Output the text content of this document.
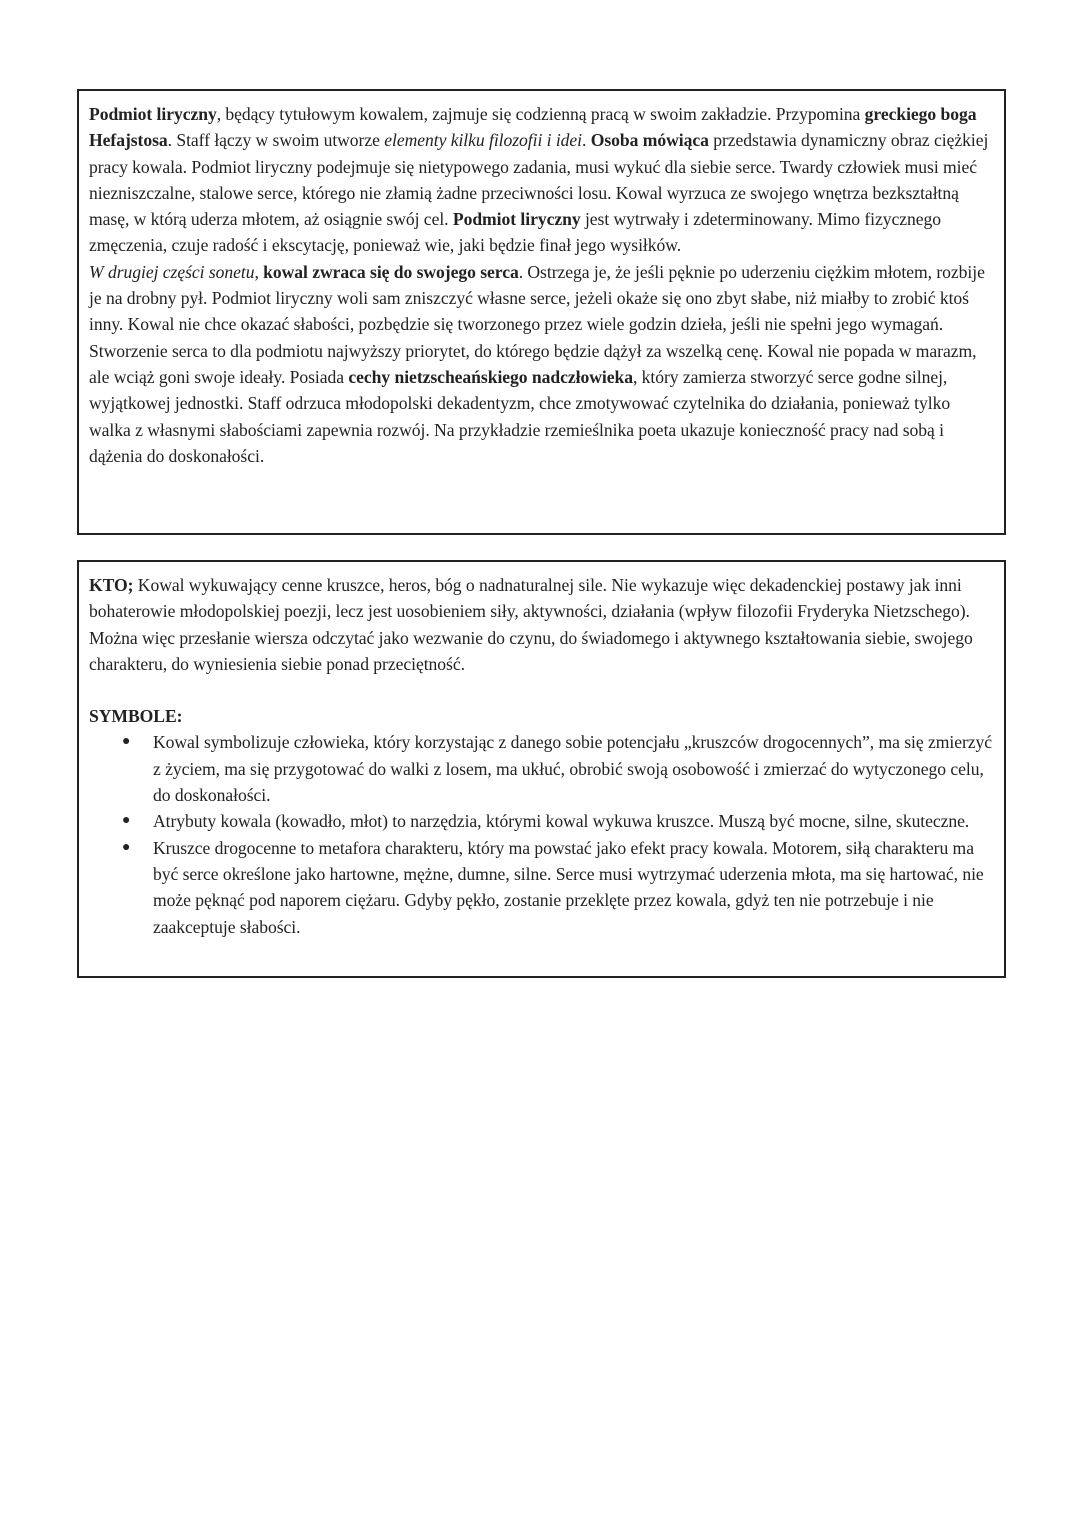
Podmiot liryczny, będący tytułowym kowalem, zajmuje się codzienną pracą w swoim zakładzie. Przypomina greckiego boga Hefajstosa. Staff łączy w swoim utworze elementy kilku filozofii i idei. Osoba mówiąca przedstawia dynamiczny obraz ciężkiej pracy kowala. Podmiot liryczny podejmuje się nietypowego zadania, musi wykuć dla siebie serce. Twardy człowiek musi mieć niezniszczalne, stalowe serce, którego nie złamią żadne przeciwności losu. Kowal wyrzuca ze swojego wnętrza bezkształtną masę, w którą uderza młotem, aż osiągnie swój cel. Podmiot liryczny jest wytrwały i zdeterminowany. Mimo fizycznego zmęczenia, czuje radość i ekscytację, ponieważ wie, jaki będzie finał jego wysiłków.

W drugiej części sonetu, kowal zwraca się do swojego serca. Ostrzega je, że jeśli pęknie po uderzeniu ciężkim młotem, rozbije je na drobny pył. Podmiot liryczny woli sam zniszczyć własne serce, jeżeli okaże się ono zbyt słabe, niż miałby to zrobić ktoś inny. Kowal nie chce okazać słabości, pozbędzie się tworzonego przez wiele godzin dzieła, jeśli nie spełni jego wymagań. Stworzenie serca to dla podmiotu najwyższy priorytet, do którego będzie dążył za wszelką cenę. Kowal nie popada w marazm, ale wciąż goni swoje ideały. Posiada cechy nietzscheańskiego nadczłowieka, który zamierza stworzyć serce godne silnej, wyjątkowej jednostki. Staff odrzuca młodopolski dekadentyzm, chce zmotywować czytelnika do działania, ponieważ tylko walka z własnymi słabościami zapewnia rozwój. Na przykładzie rzemieślnika poeta ukazuje konieczność pracy nad sobą i dążenia do doskonałości.

KTO; Kowal wykuwający cenne kruszce, heros, bóg o nadnaturalnej sile. Nie wykazuje więc dekadenckiej postawy jak inni bohaterowie młodopolskiej poezji, lecz jest uosobieniem siły, aktywności, działania (wpływ filozofii Fryderyka Nietzschego). Można więc przesłanie wiersza odczytać jako wezwanie do czynu, do świadomego i aktywnego kształtowania siebie, swojego charakteru, do wyniesienia siebie ponad przeciętność.

SYMBOLE:

● Kowal symbolizuje człowieka, który korzystając z danego sobie potencjału „kruszców drogocennych”, ma się zmierzyć z życiem, ma się przygotować do walki z losem, ma ukłuć, obrobić swoją osobowość i zmierzać do wytyczonego celu, do doskonałości.
● Atrybuty kowala (kowadło, młot) to narzędzia, którymi kowal wykuwa kruszce. Muszą być mocne, silne, skuteczne.
● Kruszce drogocenne to metafora charakteru, który ma powstać jako efekt pracy kowala. Motorem, siłą charakteru ma być serce określone jako hartowne, mężne, dumne, silne. Serce musi wytrzymać uderzenia młota, ma się hartować, nie może pęknąć pod naporem ciężaru. Gdyby pękło, zostanie przeklęte przez kowala, gdyż ten nie potrzebuje i nie zaakceptuje słabości.
